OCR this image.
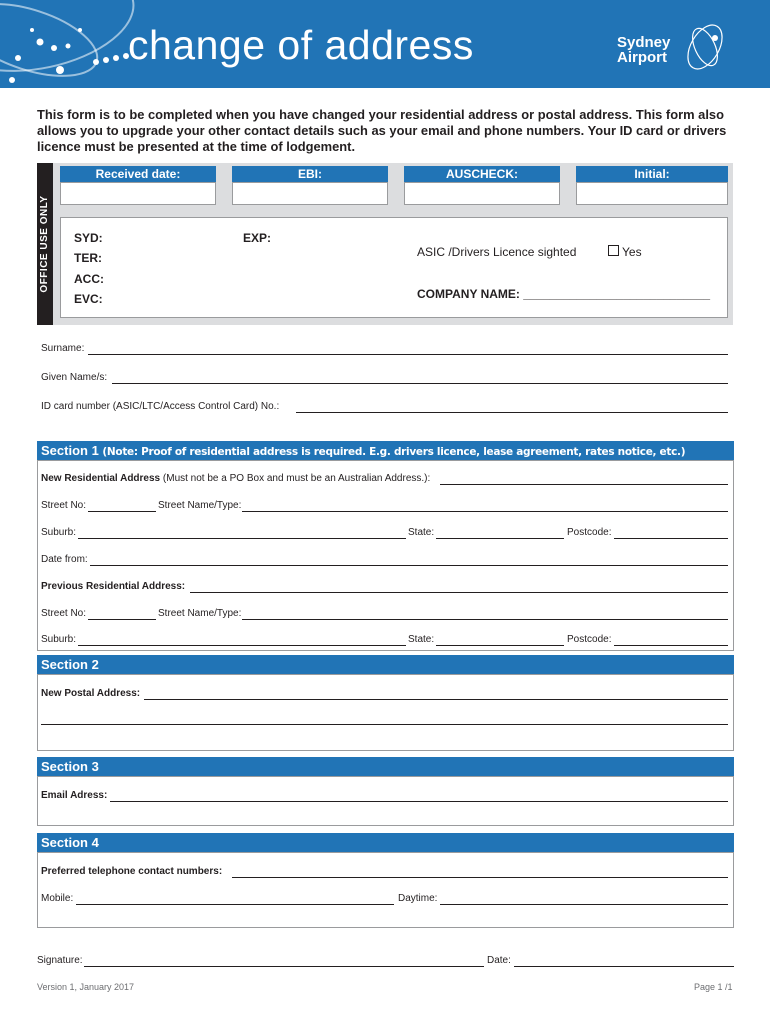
change of address	Sydney
Airport
This form is to be completed when you have changed your residential address or postal address. This form also allows you to upgrade your other contact details such as your email and phone numbers. Your ID card or drivers licence must be presented at the time of lodgement.
OFFICE USE ONLY
Received date:	EBI:	AUSCHECK:	Initial:
SYD:	EXP:
TER:
ACC:
EVC:
ASIC /Drivers Licence sighted	Yes
COMPANY NAME: ____________________________
Surname:
Given Name/s:
ID card number (ASIC/LTC/Access Control Card) No.:
Section 1 (Note: Proof of residential address is required. E.g. drivers licence, lease agreement, rates notice, etc.)
New Residential Address (Must not be a PO Box and must be an Australian Address.):
Street No:	Street Name/Type:
Suburb:	State:	Postcode:
Date from:
Previous Residential Address:
Street No:	Street Name/Type:
Suburb:	State:	Postcode:
Section 2
New Postal Address:
Section 3
Email Adress:
Section 4
Preferred telephone contact numbers:
Mobile:	Daytime:
Signature:	Date:
Version 1, January 2017	Page 1 /1
